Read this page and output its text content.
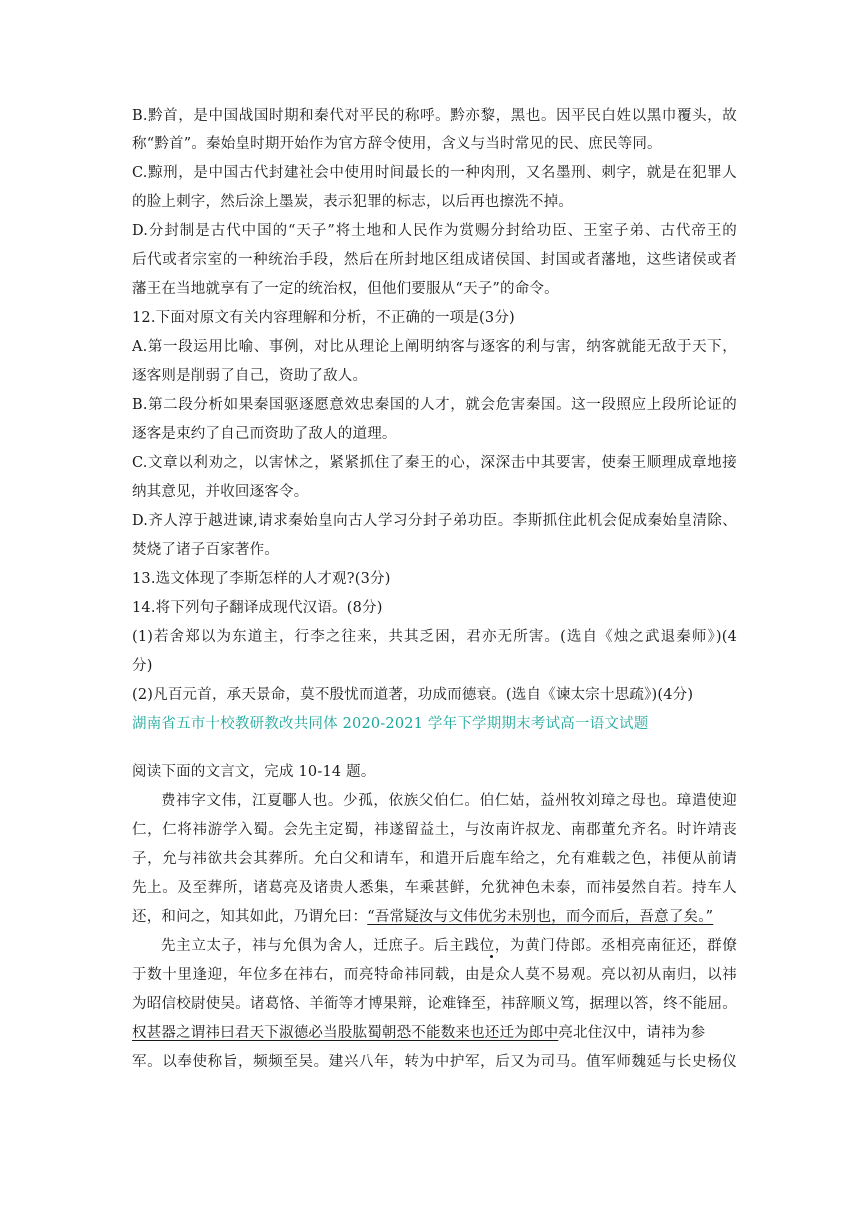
B.黔首，是中国战国时期和秦代对平民的称呼。黔亦黎，黑也。因平民白姓以黑巾覆头，故
称“黔首”。秦始皇时期开始作为官方辞令使用，含义与当时常见的民、庶民等同。
C.黥刑，是中国古代封建社会中使用时间最长的一种肉刑，又名墨刑、刺字，就是在犯罪人
的脸上刺字，然后涂上墨炭，表示犯罪的标志，以后再也擦洗不掉。
D.分封制是古代中国的“天子”将土地和人民作为赏赐分封给功臣、王室子弟、古代帝王的
后代或者宗室的一种统治手段，然后在所封地区组成诸侯国、封国或者藩地，这些诸侯或者
藩王在当地就享有了一定的统治权，但他们要服从“天子”的命令。
12.下面对原文有关内容理解和分析，不正确的一项是(3分)
A.第一段运用比喻、事例，对比从理论上阐明纳客与逐客的利与害，纳客就能无敌于天下，
逐客则是削弱了自己，资助了敌人。
B.第二段分析如果秦国驱逐愿意效忠秦国的人才，就会危害秦国。这一段照应上段所论证的
逐客是束约了自己而资助了敌人的道理。
C.文章以利劝之，以害怵之，紧紧抓住了秦王的心，深深击中其要害，使秦王顺理成章地接
纳其意见，并收回逐客令。
D.齐人淳于越进谏,请求秦始皇向古人学习分封子弟功臣。李斯抓住此机会促成秦始皇清除、
焚烧了诸子百家著作。
13.选文体现了李斯怎样的人才观?(3分)
14.将下列句子翻译成现代汉语。(8分)
(1)若舍郑以为东道主，行李之往来，共其乏困，君亦无所害。(选自《烛之武退秦师》)(4
分)
(2)凡百元首，承天景命，莫不殷忧而道著，功成而德衰。(选自《谏太宗十思疏》)(4分)
湖南省五市十校教研教改共同体 2020-2021 学年下学期期末考试高一语文试题
阅读下面的文言文，完成 10-14 题。
费祎字文伟，江夏鄳人也。少孤，依族父伯仁。伯仁姑，益州牧刘璋之母也。璋遣使迎
仁，仁将祎游学入蜀。会先主定蜀，祎遂留益土，与汝南许叔龙、南郡董允齐名。时许靖丧
子，允与祎欲共会其葬所。允白父和请车，和遣开后鹿车给之，允有难载之色，祎便从前请
先上。及至葬所，诸葛亮及诸贵人悉集，车乘甚鲜，允犹神色未泰，而祎晏然自若。持车人
还，和问之，知其如此，乃谓允曰：“吾常疑汝与文伟优劣未别也，而今而后，吾意了矣。”
先主立太子，祎与允俱为舍人，迁庶子。后主践位，为黄门侍郎。丞相亮南征还，群僚
于数十里逢迎，年位多在祎右，而亮特命祎同载，由是众人莫不易观。亮以初从南归，以祎
为昭信校尉使吴。诸葛恪、羊衜等才博果辩，论难锋至，祎辞顺义笃，据理以答，终不能屈。
权甚器之谓祎曰君天下淑德必当股肱蜀朝恐不能数来也还迁为郎中亮北住汉中，请祎为参
军。以奉使称旨，频频至吴。建兴八年，转为中护军，后又为司马。值军师魏延与长史杨仪
